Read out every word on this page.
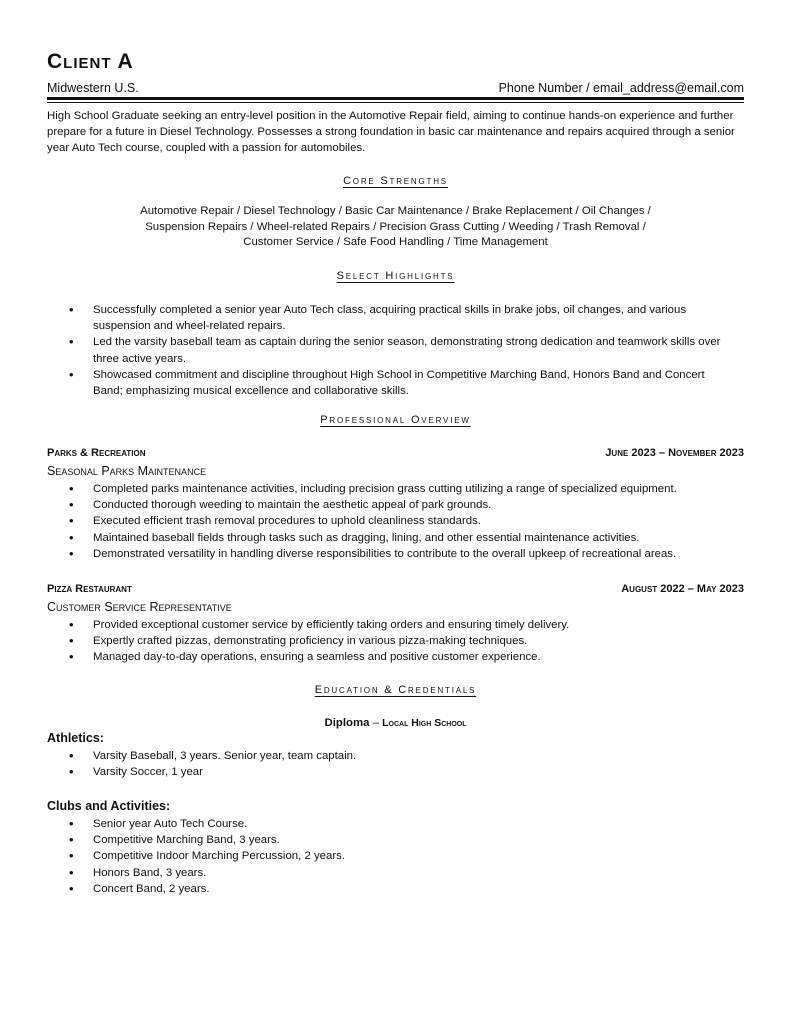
Client A
Midwestern U.S.	Phone Number / email_address@email.com
High School Graduate seeking an entry-level position in the Automotive Repair field, aiming to continue hands-on experience and further prepare for a future in Diesel Technology. Possesses a strong foundation in basic car maintenance and repairs acquired through a senior year Auto Tech course, coupled with a passion for automobiles.
Core Strengths
Automotive Repair / Diesel Technology / Basic Car Maintenance / Brake Replacement / Oil Changes /
Suspension Repairs / Wheel-related Repairs / Precision Grass Cutting / Weeding / Trash Removal /
Customer Service / Safe Food Handling / Time Management
Select Highlights
• Successfully completed a senior year Auto Tech class, acquiring practical skills in brake jobs, oil changes, and various suspension and wheel-related repairs.
• Led the varsity baseball team as captain during the senior season, demonstrating strong dedication and teamwork skills over three active years.
• Showcased commitment and discipline throughout High School in Competitive Marching Band, Honors Band and Concert Band; emphasizing musical excellence and collaborative skills.
Professional Overview
Parks & Recreation	June 2023 – November 2023
Seasonal Parks Maintenance
• Completed parks maintenance activities, including precision grass cutting utilizing a range of specialized equipment.
• Conducted thorough weeding to maintain the aesthetic appeal of park grounds.
• Executed efficient trash removal procedures to uphold cleanliness standards.
• Maintained baseball fields through tasks such as dragging, lining, and other essential maintenance activities.
• Demonstrated versatility in handling diverse responsibilities to contribute to the overall upkeep of recreational areas.
Pizza Restaurant	August 2022 – May 2023
Customer Service Representative
• Provided exceptional customer service by efficiently taking orders and ensuring timely delivery.
• Expertly crafted pizzas, demonstrating proficiency in various pizza-making techniques.
• Managed day-to-day operations, ensuring a seamless and positive customer experience.
Education & Credentials
Diploma – Local High School
Athletics:
• Varsity Baseball, 3 years. Senior year, team captain.
• Varsity Soccer, 1 year
Clubs and Activities:
• Senior year Auto Tech Course.
• Competitive Marching Band, 3 years.
• Competitive Indoor Marching Percussion, 2 years.
• Honors Band, 3 years.
• Concert Band, 2 years.
